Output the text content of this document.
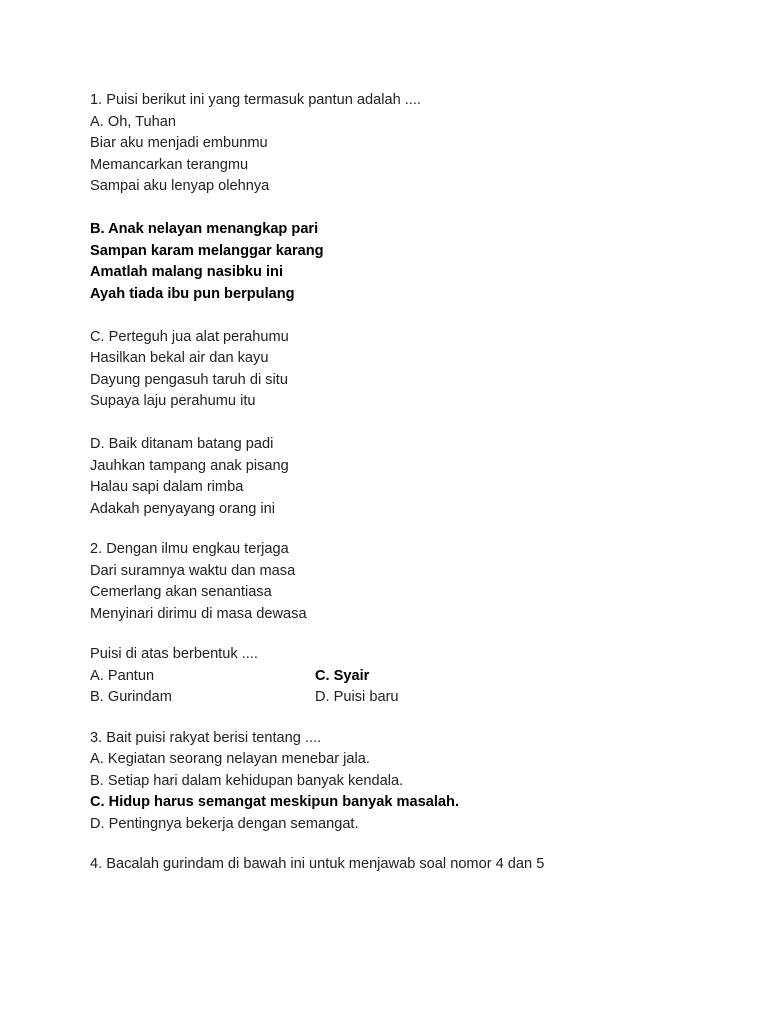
1. Puisi berikut ini yang termasuk pantun adalah ....
A. Oh, Tuhan
Biar aku menjadi embunmu
Memancarkan terangmu
Sampai aku lenyap olehnya
B. Anak nelayan menangkap pari
Sampan karam melanggar karang
Amatlah malang nasibku ini
Ayah tiada ibu pun berpulang
C. Perteguh jua alat perahumu
Hasilkan bekal air dan kayu
Dayung pengasuh taruh di situ
Supaya laju perahumu itu
D. Baik ditanam batang padi
Jauhkan tampang anak pisang
Halau sapi dalam rimba
Adakah penyayang orang ini
2. Dengan ilmu engkau terjaga
Dari suramnya waktu dan masa
Cemerlang akan senantiasa
Menyinari dirimu di masa dewasa
Puisi di atas berbentuk ....
A. Pantun	C. Syair
B. Gurindam	D. Puisi baru
3. Bait puisi rakyat berisi tentang ....
A. Kegiatan seorang nelayan menebar jala.
B. Setiap hari dalam kehidupan banyak kendala.
C. Hidup harus semangat meskipun banyak masalah.
D. Pentingnya bekerja dengan semangat.
4. Bacalah gurindam di bawah ini untuk menjawab soal nomor 4 dan 5
